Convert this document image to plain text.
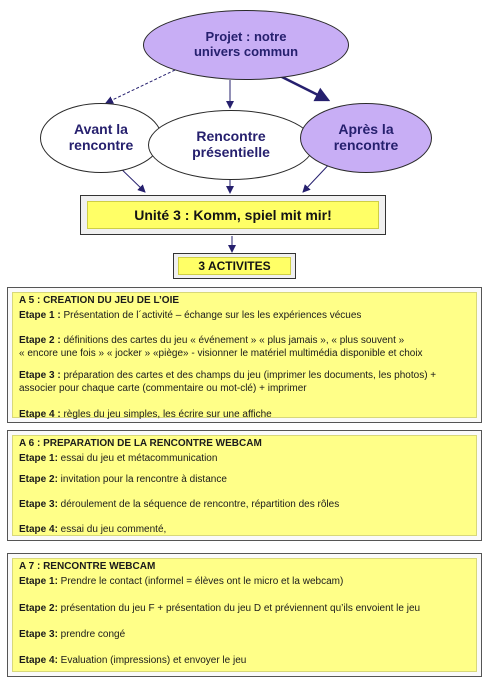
Projet : notre
univers commun
Avant la
rencontre
Rencontre
présentielle
Après la
rencontre
Unité 3 : Komm, spiel mit mir!
3 ACTIVITES
A 5 : CREATION DU JEU DE L’OIE
Etape 1 : Présentation de l´activité – échange sur les les expériences vécues
Etape 2 : définitions des cartes du jeu « événement » « plus jamais », « plus souvent »
« encore une fois » « jocker » «piège» - visionner le matériel multimédia disponible et choix
Etape 3 : préparation des cartes et des champs du jeu (imprimer les documents, les photos) +
associer pour chaque carte (commentaire ou mot-clé) + imprimer
Etape 4 : règles du jeu simples, les écrire sur une affiche
A 6 : PREPARATION DE LA RENCONTRE WEBCAM
Etape 1: essai du jeu et métacommunication
Etape 2: invitation pour la rencontre à distance
Etape 3: déroulement de la séquence de rencontre, répartition des rôles
Etape 4: essai du jeu commenté,
A 7 : RENCONTRE WEBCAM
Etape 1: Prendre le contact (informel = élèves ont le micro et la webcam)
Etape 2: présentation du jeu F + présentation du jeu D et préviennent qu’ils envoient le jeu
Etape 3: prendre congé
Etape 4: Evaluation (impressions) et envoyer le jeu
